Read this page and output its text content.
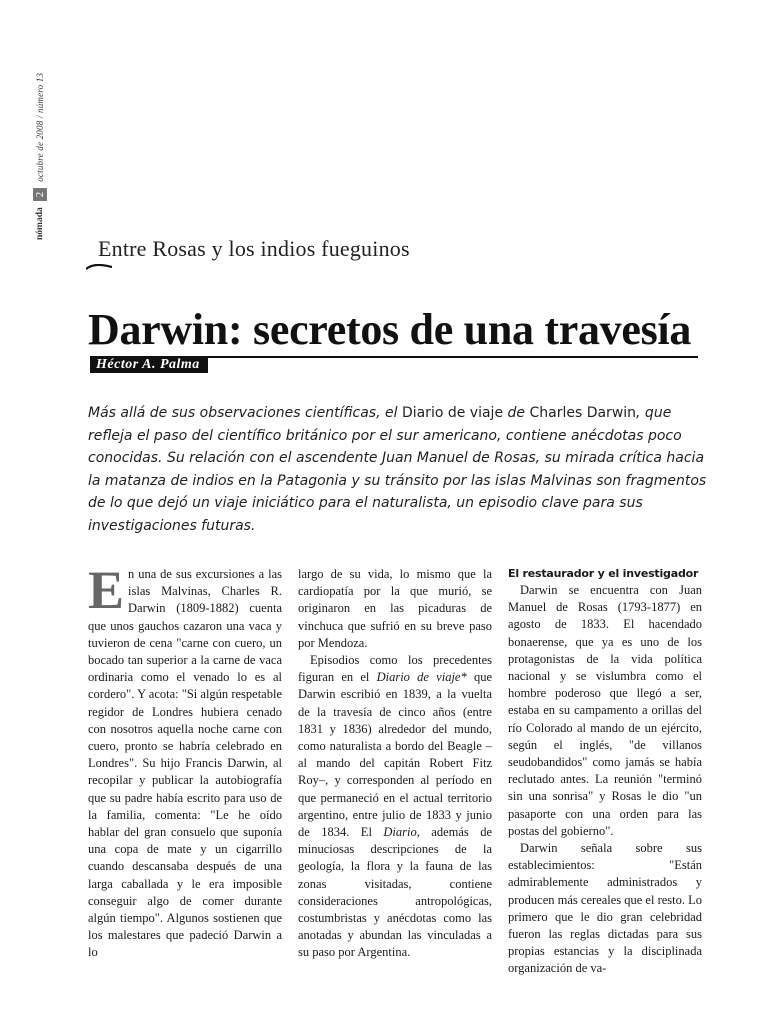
nómada
2
octubre de 2008 / número 13
Entre Rosas y los indios fueguinos
Darwin: secretos de una travesía
Héctor A. Palma

Más allá de sus observaciones científicas, el Diario de viaje de Charles Darwin, que refleja el paso del científico británico por el sur americano, contiene anécdotas poco conocidas. Su relación con el ascendente Juan Manuel de Rosas, su mirada crítica hacia la matanza de indios en la Patagonia y su tránsito por las islas Malvinas son fragmentos de lo que dejó un viaje iniciático para el naturalista, un episodio clave para sus investigaciones futuras.

En una de sus excursiones a las islas Malvinas, Charles R. Darwin (1809-1882) cuenta que unos gauchos cazaron una vaca y tuvieron de cena "carne con cuero, un bocado tan superior a la carne de vaca ordinaria como el venado lo es al cordero". Y acota: "Si algún respetable regidor de Londres hubiera cenado con nosotros aquella noche carne con cuero, pronto se habría celebrado en Londres". Su hijo Francis Darwin, al recopilar y publicar la autobiografía que su padre había escrito para uso de la familia, comenta: "Le he oído hablar del gran consuelo que suponía una copa de mate y un cigarrillo cuando descansaba después de una larga caballada y le era imposible conseguir algo de comer durante algún tiempo". Algunos sostienen que los malestares que padeció Darwin a lo

largo de su vida, lo mismo que la cardiopatía por la que murió, se originaron en las picaduras de vinchuca que sufrió en su breve paso por Mendoza.

Episodios como los precedentes figuran en el Diario de viaje* que Darwin escribió en 1839, a la vuelta de la travesía de cinco años (entre 1831 y 1836) alrededor del mundo, como naturalista a bordo del Beagle –al mando del capitán Robert Fitz Roy–, y corresponden al período en que permaneció en el actual territorio argentino, entre julio de 1833 y junio de 1834. El Diario, además de minuciosas descripciones de la geología, la flora y la fauna de las zonas visitadas, contiene consideraciones antropológicas, costumbristas y anécdotas como las anotadas y abundan las vinculadas a su paso por Argentina.

El restaurador y el investigador

Darwin se encuentra con Juan Manuel de Rosas (1793-1877) en agosto de 1833. El hacendado bonaerense, que ya es uno de los protagonistas de la vida política nacional y se vislumbra como el hombre poderoso que llegó a ser, estaba en su campamento a orillas del río Colorado al mando de un ejército, según el inglés, "de villanos seudobandidos" como jamás se había reclutado antes. La reunión "terminó sin una sonrisa" y Rosas le dio "un pasaporte con una orden para las postas del gobierno".

Darwin señala sobre sus establecimientos: "Están admirablemente administrados y producen más cereales que el resto. Lo primero que le dio gran celebridad fueron las reglas dictadas para sus propias estancias y la disciplinada organización de va-
